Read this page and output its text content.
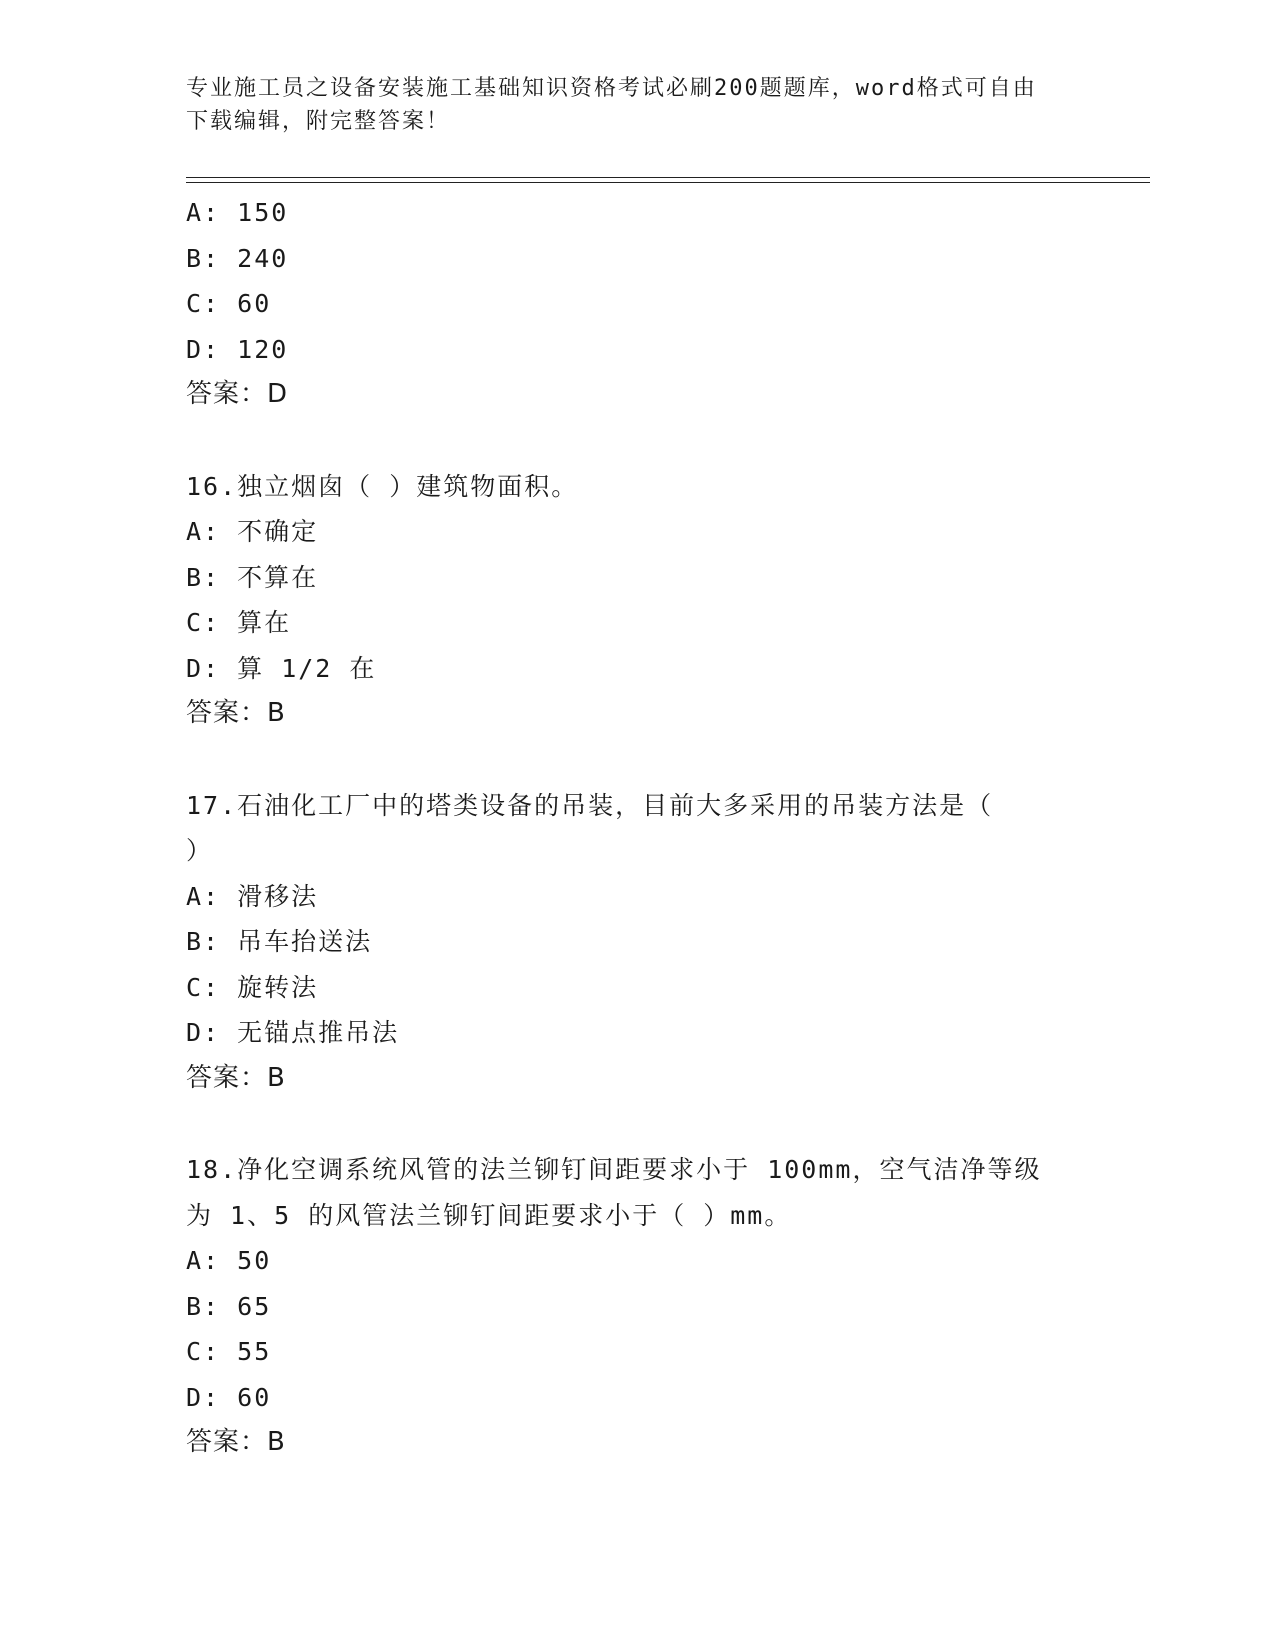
专业施工员之设备安装施工基础知识资格考试必刷200题题库，word格式可自由
下载编辑，附完整答案！
A: 150
B: 240
C: 60
D: 120
答案：D
16.独立烟囱（ ）建筑物面积。
A: 不确定
B: 不算在
C: 算在
D: 算 1/2 在
答案：B
17.石油化工厂中的塔类设备的吊装，目前大多采用的吊装方法是（
）
A: 滑移法
B: 吊车抬送法
C: 旋转法
D: 无锚点推吊法
答案：B
18.净化空调系统风管的法兰铆钉间距要求小于 100mm，空气洁净等级
为 1、5 的风管法兰铆钉间距要求小于（ ）mm。
A: 50
B: 65
C: 55
D: 60
答案：B
